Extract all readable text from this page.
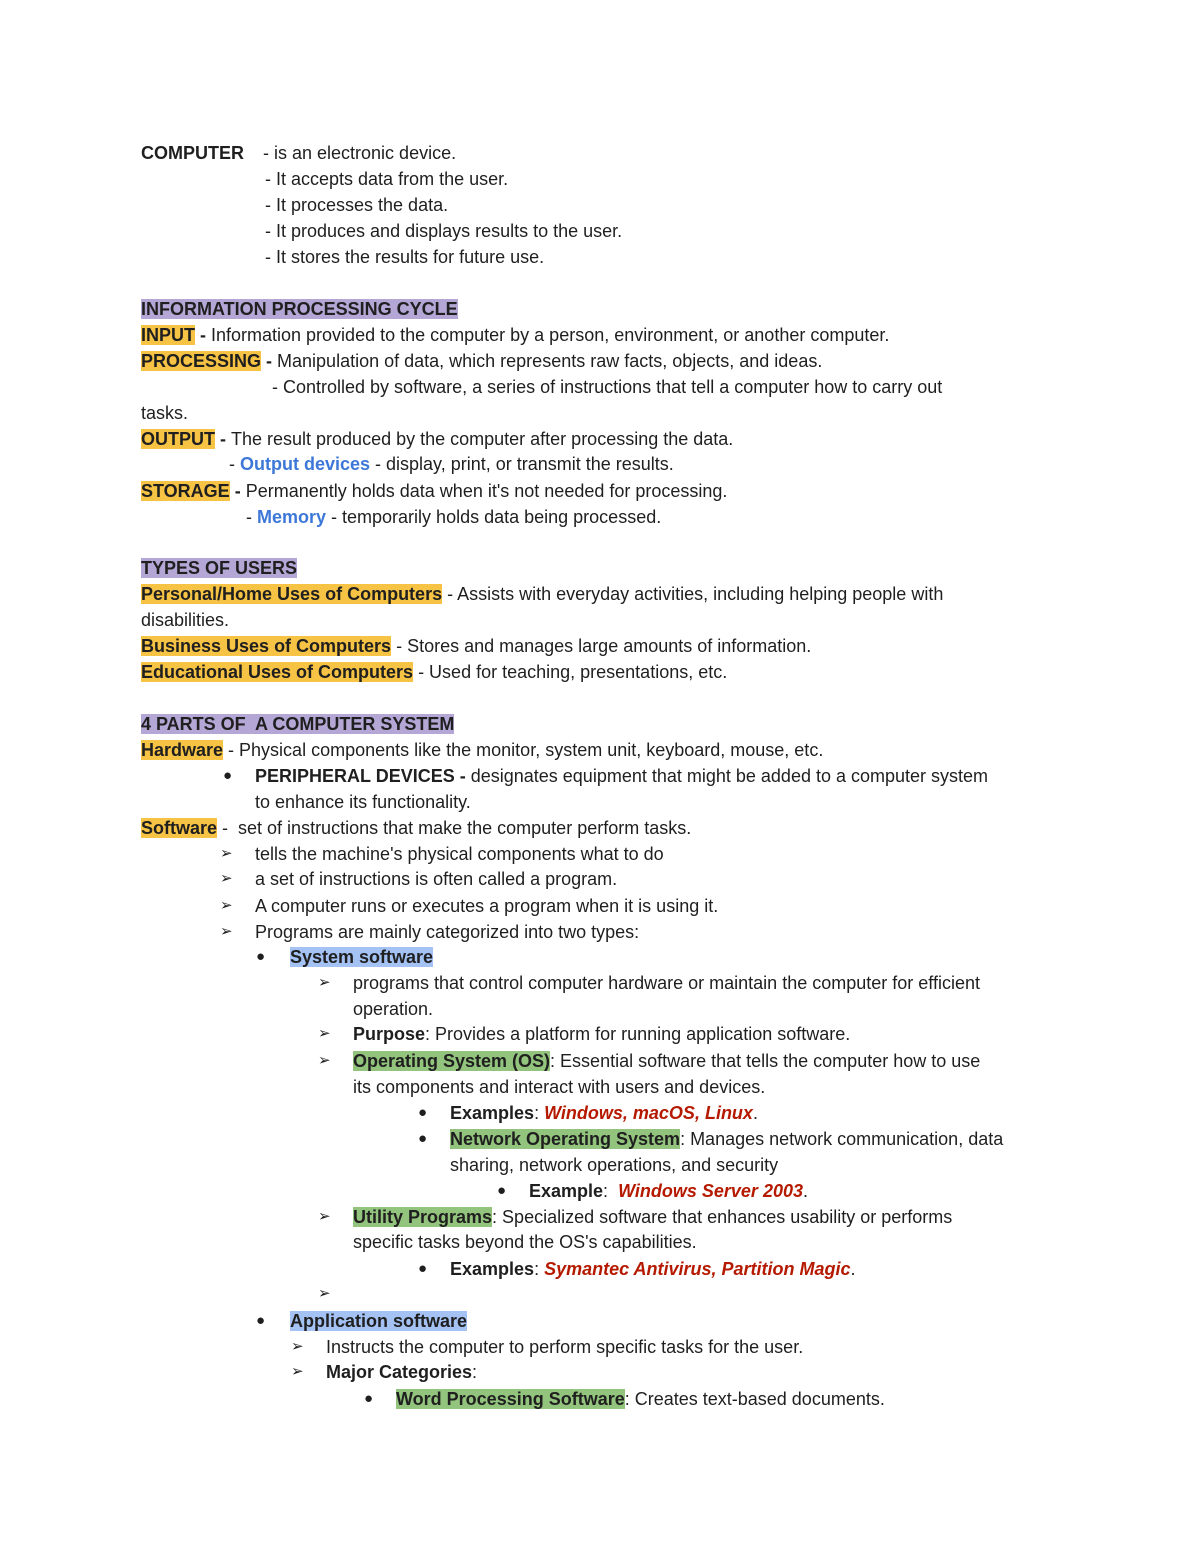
COMPUTER - is an electronic device.
- It accepts data from the user.
- It processes the data.
- It produces and displays results to the user.
- It stores the results for future use.
INFORMATION PROCESSING CYCLE
INPUT - Information provided to the computer by a person, environment, or another computer.
PROCESSING - Manipulation of data, which represents raw facts, objects, and ideas.
- Controlled by software, a series of instructions that tell a computer how to carry out
tasks.
OUTPUT - The result produced by the computer after processing the data.
- Output devices - display, print, or transmit the results.
STORAGE - Permanently holds data when it's not needed for processing.
- Memory - temporarily holds data being processed.
TYPES OF USERS
Personal/Home Uses of Computers - Assists with everyday activities, including helping people with
disabilities.
Business Uses of Computers - Stores and manages large amounts of information.
Educational Uses of Computers - Used for teaching, presentations, etc.
4 PARTS OF  A COMPUTER SYSTEM
Hardware - Physical components like the monitor, system unit, keyboard, mouse, etc.
● PERIPHERAL DEVICES - designates equipment that might be added to a computer system
to enhance its functionality.
Software -  set of instructions that make the computer perform tasks.
➢ tells the machine's physical components what to do
➢ a set of instructions is often called a program.
➢ A computer runs or executes a program when it is using it.
➢ Programs are mainly categorized into two types:
● System software
➢ programs that control computer hardware or maintain the computer for efficient
operation.
➢ Purpose: Provides a platform for running application software.
➢ Operating System (OS): Essential software that tells the computer how to use
its components and interact with users and devices.
● Examples: Windows, macOS, Linux.
● Network Operating System: Manages network communication, data
sharing, network operations, and security
● Example:  Windows Server 2003.
➢ Utility Programs: Specialized software that enhances usability or performs
specific tasks beyond the OS's capabilities.
● Examples: Symantec Antivirus, Partition Magic.
➢
● Application software
➢ Instructs the computer to perform specific tasks for the user.
➢ Major Categories:
● Word Processing Software: Creates text-based documents.
